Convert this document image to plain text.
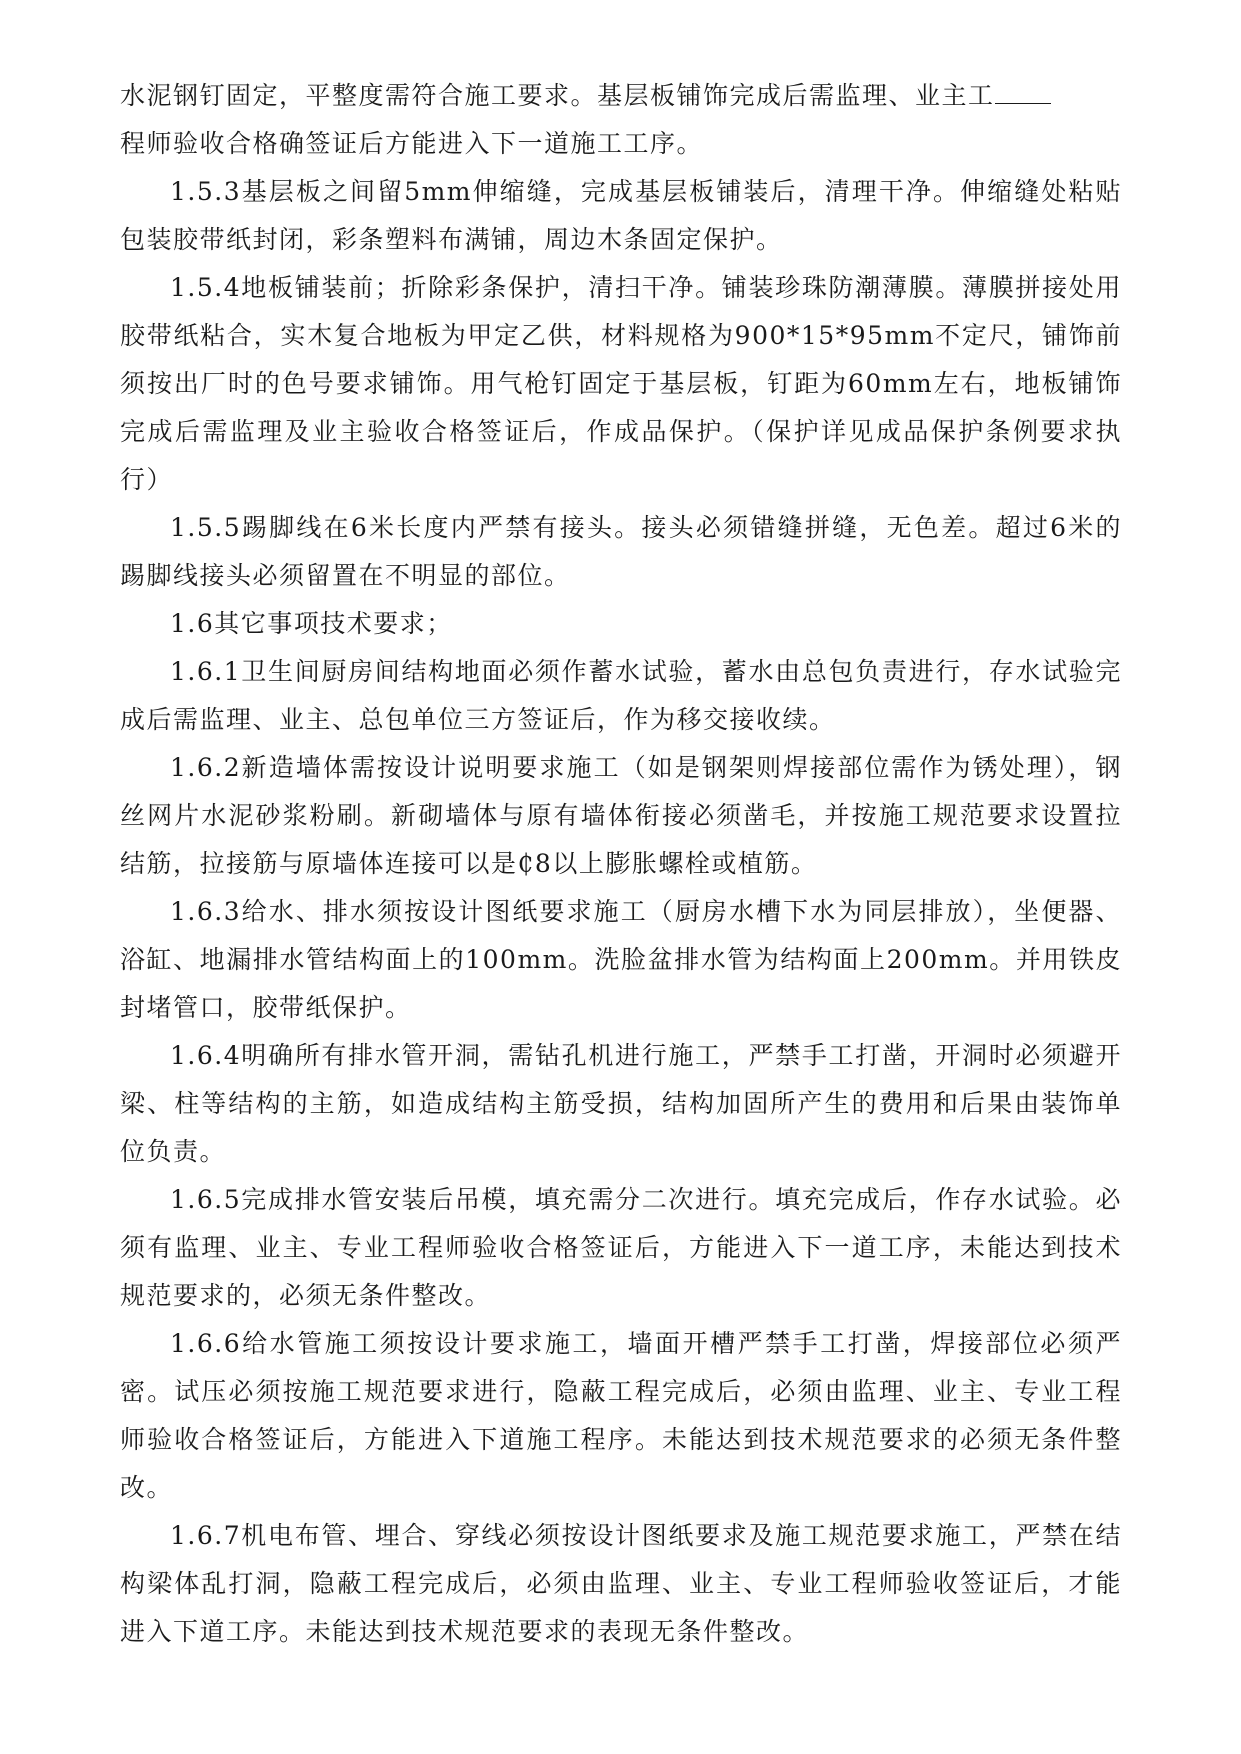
水泥钢钉固定，平整度需符合施工要求。基层板铺饰完成后需监理、业主工

程师验收合格确签证后方能进入下一道施工工序。

1.5.3基层板之间留5mm伸缩缝，完成基层板铺装后，清理干净。伸缩缝处粘贴包装胶带纸封闭，彩条塑料布满铺，周边木条固定保护。

1.5.4地板铺装前；折除彩条保护，清扫干净。铺装珍珠防潮薄膜。薄膜拼接处用胶带纸粘合，实木复合地板为甲定乙供，材料规格为900*15*95mm不定尺，铺饰前须按出厂时的色号要求铺饰。用气枪钉固定于基层板，钉距为60mm左右，地板铺饰完成后需监理及业主验收合格签证后，作成品保护。（保护详见成品保护条例要求执行）

1.5.5踢脚线在6米长度内严禁有接头。接头必须错缝拼缝，无色差。超过6米的踢脚线接头必须留置在不明显的部位。

1.6其它事项技术要求；

1.6.1卫生间厨房间结构地面必须作蓄水试验，蓄水由总包负责进行，存水试验完成后需监理、业主、总包单位三方签证后，作为移交接收续。

1.6.2新造墙体需按设计说明要求施工（如是钢架则焊接部位需作为锈处理），钢丝网片水泥砂浆粉刷。新砌墙体与原有墙体衔接必须凿毛，并按施工规范要求设置拉结筋，拉接筋与原墙体连接可以是₵8以上膨胀螺栓或植筋。

1.6.3给水、排水须按设计图纸要求施工（厨房水槽下水为同层排放），坐便器、浴缸、地漏排水管结构面上的100mm。洗脸盆排水管为结构面上200mm。并用铁皮封堵管口，胶带纸保护。

1.6.4明确所有排水管开洞，需钻孔机进行施工，严禁手工打凿，开洞时必须避开梁、柱等结构的主筋，如造成结构主筋受损，结构加固所产生的费用和后果由装饰单位负责。

1.6.5完成排水管安装后吊模，填充需分二次进行。填充完成后，作存水试验。必须有监理、业主、专业工程师验收合格签证后，方能进入下一道工序，未能达到技术规范要求的，必须无条件整改。

1.6.6给水管施工须按设计要求施工，墙面开槽严禁手工打凿，焊接部位必须严密。试压必须按施工规范要求进行，隐蔽工程完成后，必须由监理、业主、专业工程师验收合格签证后，方能进入下道施工程序。未能达到技术规范要求的必须无条件整改。

1.6.7机电布管、埋合、穿线必须按设计图纸要求及施工规范要求施工，严禁在结构梁体乱打洞，隐蔽工程完成后，必须由监理、业主、专业工程师验收签证后，才能进入下道工序。未能达到技术规范要求的表现无条件整改。
